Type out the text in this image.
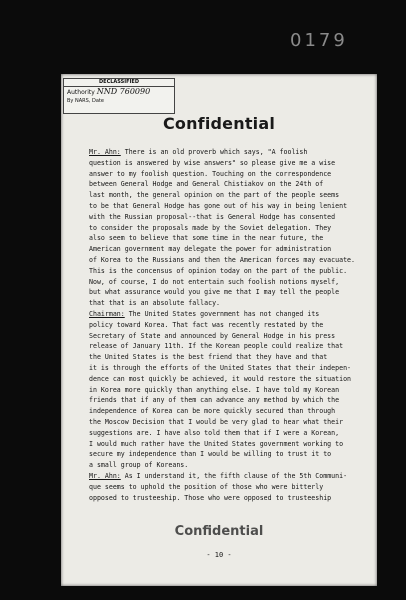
0179
DECLASSIFIED
Authority NND 760090
By NARS, Date
Confidential
Mr. Ahn: There is an old proverb which says, "A foolish
question is answered by wise answers" so please give me a wise
answer to my foolish question. Touching on the correspondence
between General Hodge and General Chistiakov on the 24th of
last month, the general opinion on the part of the people seems
to be that General Hodge has gone out of his way in being lenient
with the Russian proposal--that is General Hodge has consented
to consider the proposals made by the Soviet delegation. They
also seem to believe that some time in the near future, the
American government may delegate the power for administration
of Korea to the Russians and then the American forces may evacuate.
This is the concensus of opinion today on the part of the public.
Now, of course, I do not entertain such foolish notions myself,
but what assurance would you give me that I may tell the people
that that is an absolute fallacy.
Chairman: The United States government has not changed its
policy toward Korea. That fact was recently restated by the
Secretary of State and announced by General Hodge in his press
release of January 11th. If the Korean people could realize that
the United States is the best friend that they have and that
it is through the efforts of the United States that their indepen-
dence can most quickly be achieved, it would restore the situation
in Korea more quickly than anything else. I have told my Korean
friends that if any of them can advance any method by which the
independence of Korea can be more quickly secured than through
the Moscow Decision that I would be very glad to hear what their
suggestions are. I have also told them that if I were a Korean,
I would much rather have the United States government working to
secure my independence than I would be willing to trust it to
a small group of Koreans.
Mr. Ahn: As I understand it, the fifth clause of the 5th Communi-
que seems to uphold the position of those who were bitterly
opposed to trusteeship. Those who were opposed to trusteeship
Confidential
- 10 -
